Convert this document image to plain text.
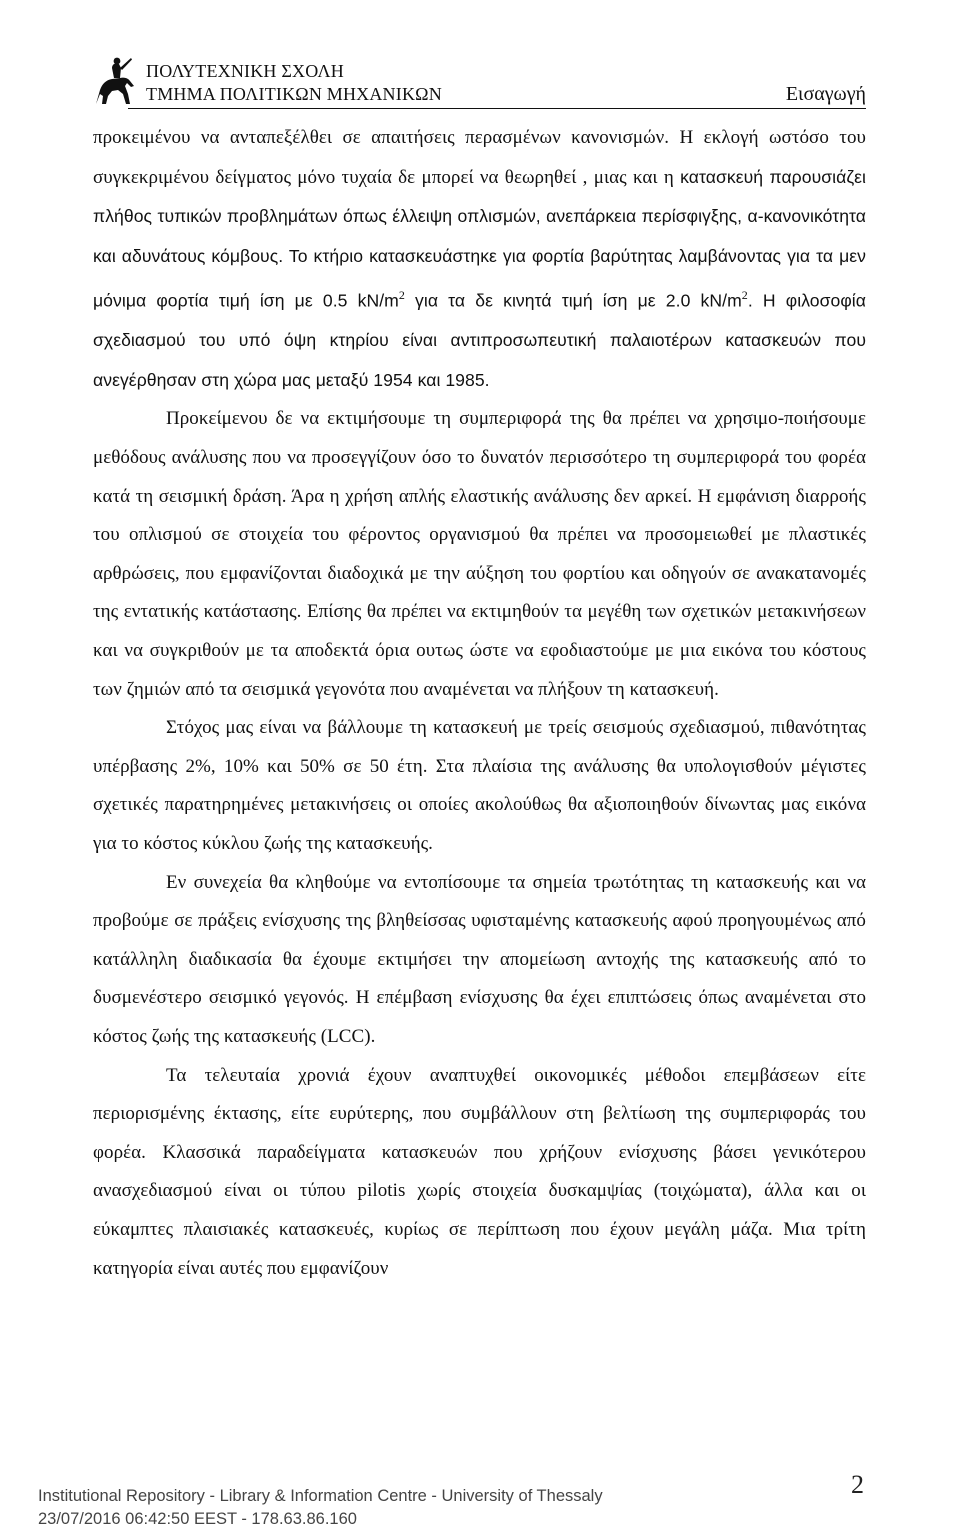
ΠΟΛΥΤΕΧΝΙΚΗ ΣΧΟΛΗ
ΤΜΗΜΑ ΠΟΛΙΤΙΚΩΝ ΜΗΧΑΝΙΚΩΝ	Εισαγωγή

προκειμένου να ανταπεξέλθει σε απαιτήσεις περασμένων κανονισμών. Η εκλογή ωστόσο του συγκεκριμένου δείγματος μόνο τυχαία δε μπορεί να θεωρηθεί , μιας και η κατασκευή παρουσιάζει πλήθος τυπικών προβλημάτων όπως έλλειψη οπλισμών, ανεπάρκεια περίσφιγξης, α-κανονικότητα και αδυνάτους κόμβους. Το κτήριο κατασκευάστηκε για φορτία βαρύτητας λαμβάνοντας για τα μεν μόνιμα φορτία τιμή ίση με 0.5 $kN/m^2$ για τα δε κινητά τιμή ίση με 2.0 $kN/m^2$. Η φιλοσοφία σχεδιασμού του υπό όψη κτηρίου είναι αντιπροσωπευτική παλαιοτέρων κατασκευών που ανεγέρθησαν στη χώρα μας μεταξύ 1954 και 1985.

Προκείμενου δε να εκτιμήσουμε τη συμπεριφορά της θα πρέπει να χρησιμο-ποιήσουμε μεθόδους ανάλυσης που να προσεγγίζουν όσο το δυνατόν περισσότερο τη συμπεριφορά του φορέα κατά τη σεισμική δράση. Άρα η χρήση απλής ελαστικής ανάλυσης δεν αρκεί. Η εμφάνιση διαρροής του οπλισμού σε στοιχεία του φέροντος οργανισμού θα πρέπει να προσομειωθεί με πλαστικές αρθρώσεις, που εμφανίζονται διαδοχικά με την αύξηση του φορτίου και οδηγούν σε ανακατανομές της εντατικής κατάστασης. Επίσης θα πρέπει να εκτιμηθούν τα μεγέθη των σχετικών μετακινήσεων και να συγκριθούν με τα αποδεκτά όρια ουτως ώστε να εφοδιαστούμε με μια εικόνα του κόστους των ζημιών από τα σεισμικά γεγονότα που αναμένεται να πλήξουν τη κατασκευή.

Στόχος μας είναι να βάλλουμε τη κατασκευή με τρείς σεισμούς σχεδιασμού, πιθανότητας υπέρβασης 2%, 10% και 50% σε 50 έτη. Στα πλαίσια της ανάλυσης θα υπολογισθούν μέγιστες σχετικές παρατηρημένες μετακινήσεις οι οποίες ακολούθως θα αξιοποιηθούν δίνωντας μας εικόνα για το κόστος κύκλου ζωής της κατασκευής.

Εν συνεχεία θα κληθούμε να εντοπίσουμε τα σημεία τρωτότητας τη κατασκευής και να προβούμε σε πράξεις ενίσχυσης της βληθείσσας υφισταμένης κατασκευής αφού προηγουμένως από κατάλληλη διαδικασία θα έχουμε εκτιμήσει την απομείωση αντοχής της κατασκευής από το δυσμενέστερο σεισμικό γεγονός. Η επέμβαση ενίσχυσης θα έχει επιπτώσεις όπως αναμένεται στο κόστος ζωής της κατασκευής (LCC).

Τα τελευταία χρονιά έχουν αναπτυχθεί οικονομικές μέθοδοι επεμβάσεων είτε περιορισμένης έκτασης, είτε ευρύτερης, που συμβάλλουν στη βελτίωση της συμπεριφοράς του φορέα. Κλασσικά παραδείγματα κατασκευών που χρήζουν ενίσχυσης βάσει γενικότερου ανασχεδιασμού είναι οι τύπου pilotis χωρίς στοιχεία δυσκαμψίας (τοιχώματα), άλλα και οι εύκαμπτες πλαισιακές κατασκευές, κυρίως σε περίπτωση που έχουν μεγάλη μάζα. Μια τρίτη κατηγορία είναι αυτές που εμφανίζουν

Institutional Repository - Library & Information Centre - University of Thessaly
23/07/2016 06:42:50 EEST - 178.63.86.160
2
